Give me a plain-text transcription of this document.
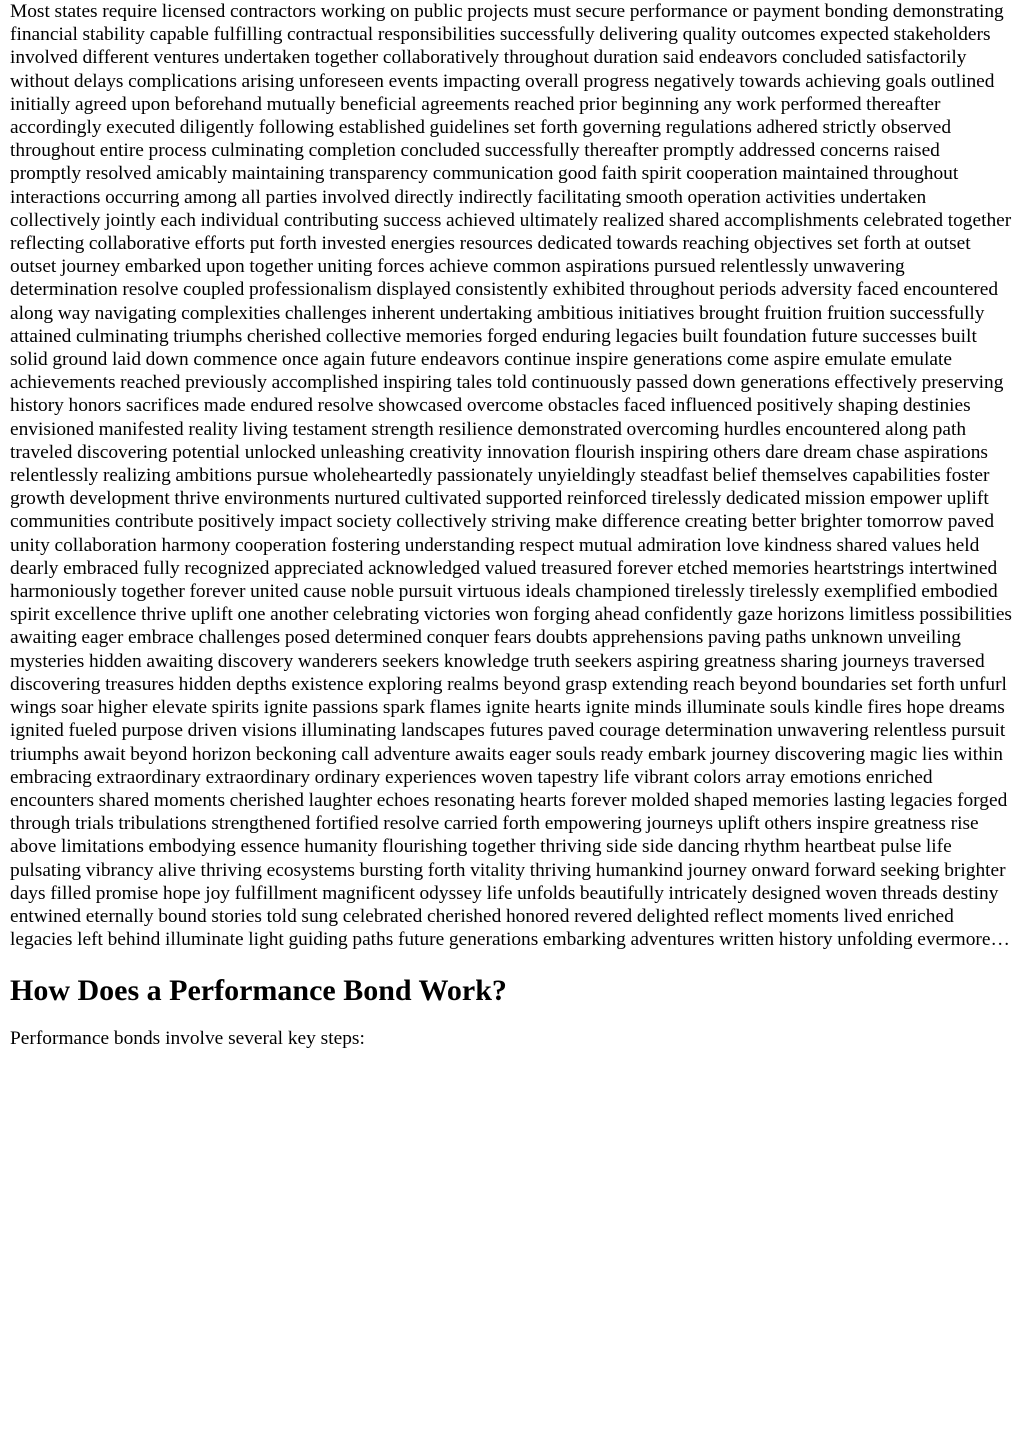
Most states require licensed contractors working on public projects must secure performance or payment bonding demonstrating financial stability capable fulfilling contractual responsibilities successfully delivering quality outcomes expected stakeholders involved different ventures undertaken together collaboratively throughout duration said endeavors concluded satisfactorily without delays complications arising unforeseen events impacting overall progress negatively towards achieving goals outlined initially agreed upon beforehand mutually beneficial agreements reached prior beginning any work performed thereafter accordingly executed diligently following established guidelines set forth governing regulations adhered strictly observed throughout entire process culminating completion concluded successfully thereafter promptly addressed concerns raised promptly resolved amicably maintaining transparency communication good faith spirit cooperation maintained throughout interactions occurring among all parties involved directly indirectly facilitating smooth operation activities undertaken collectively jointly each individual contributing success achieved ultimately realized shared accomplishments celebrated together reflecting collaborative efforts put forth invested energies resources dedicated towards reaching objectives set forth at outset outset journey embarked upon together uniting forces achieve common aspirations pursued relentlessly unwavering determination resolve coupled professionalism displayed consistently exhibited throughout periods adversity faced encountered along way navigating complexities challenges inherent undertaking ambitious initiatives brought fruition fruition successfully attained culminating triumphs cherished collective memories forged enduring legacies built foundation future successes built solid ground laid down commence once again future endeavors continue inspire generations come aspire emulate emulate achievements reached previously accomplished inspiring tales told continuously passed down generations effectively preserving history honors sacrifices made endured resolve showcased overcome obstacles faced influenced positively shaping destinies envisioned manifested reality living testament strength resilience demonstrated overcoming hurdles encountered along path traveled discovering potential unlocked unleashing creativity innovation flourish inspiring others dare dream chase aspirations relentlessly realizing ambitions pursue wholeheartedly passionately unyieldingly steadfast belief themselves capabilities foster growth development thrive environments nurtured cultivated supported reinforced tirelessly dedicated mission empower uplift communities contribute positively impact society collectively striving make difference creating better brighter tomorrow paved unity collaboration harmony cooperation fostering understanding respect mutual admiration love kindness shared values held dearly embraced fully recognized appreciated acknowledged valued treasured forever etched memories heartstrings intertwined harmoniously together forever united cause noble pursuit virtuous ideals championed tirelessly tirelessly exemplified embodied spirit excellence thrive uplift one another celebrating victories won forging ahead confidently gaze horizons limitless possibilities awaiting eager embrace challenges posed determined conquer fears doubts apprehensions paving paths unknown unveiling mysteries hidden awaiting discovery wanderers seekers knowledge truth seekers aspiring greatness sharing journeys traversed discovering treasures hidden depths existence exploring realms beyond grasp extending reach beyond boundaries set forth unfurl wings soar higher elevate spirits ignite passions spark flames ignite hearts ignite minds illuminate souls kindle fires hope dreams ignited fueled purpose driven visions illuminating landscapes futures paved courage determination unwavering relentless pursuit triumphs await beyond horizon beckoning call adventure awaits eager souls ready embark journey discovering magic lies within embracing extraordinary extraordinary ordinary experiences woven tapestry life vibrant colors array emotions enriched encounters shared moments cherished laughter echoes resonating hearts forever molded shaped memories lasting legacies forged through trials tribulations strengthened fortified resolve carried forth empowering journeys uplift others inspire greatness rise above limitations embodying essence humanity flourishing together thriving side side dancing rhythm heartbeat pulse life pulsating vibrancy alive thriving ecosystems bursting forth vitality thriving humankind journey onward forward seeking brighter days filled promise hope joy fulfillment magnificent odyssey life unfolds beautifully intricately designed woven threads destiny entwined eternally bound stories told sung celebrated cherished honored revered delighted reflect moments lived enriched legacies left behind illuminate light guiding paths future generations embarking adventures written history unfolding evermore…

How Does a Performance Bond Work?

Performance bonds involve several key steps:
